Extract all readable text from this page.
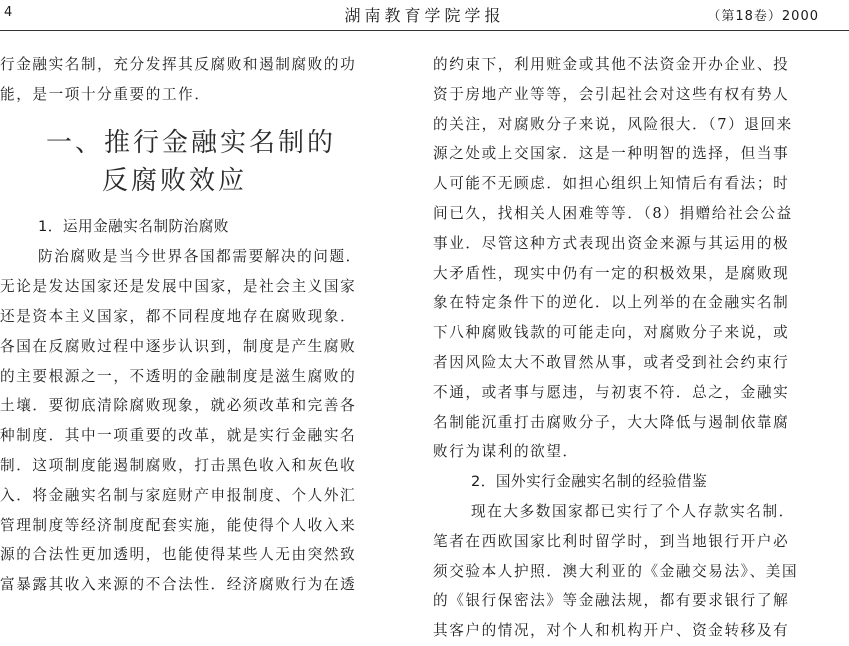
4	湖南教育学院学报	（第18卷）2000
行金融实名制，充分发挥其反腐败和遏制腐败的功
能，是一项十分重要的工作．
一、推行金融实名制的
反腐败效应
1．运用金融实名制防治腐败
防治腐败是当今世界各国都需要解决的问题．
无论是发达国家还是发展中国家，是社会主义国家
还是资本主义国家，都不同程度地存在腐败现象．
各国在反腐败过程中逐步认识到，制度是产生腐败
的主要根源之一，不透明的金融制度是滋生腐败的
土壤．要彻底清除腐败现象，就必须改革和完善各
种制度．其中一项重要的改革，就是实行金融实名
制．这项制度能遏制腐败，打击黑色收入和灰色收
入．将金融实名制与家庭财产申报制度、个人外汇
管理制度等经济制度配套实施，能使得个人收入来
源的合法性更加透明，也能使得某些人无由突然致
富暴露其收入来源的不合法性．经济腐败行为在透
的约束下，利用赃金或其他不法资金开办企业、投
资于房地产业等等，会引起社会对这些有权有势人
的关注，对腐败分子来说，风险很大．（7）退回来
源之处或上交国家．这是一种明智的选择，但当事
人可能不无顾虑．如担心组织上知情后有看法；时
间已久，找相关人困难等等．（8）捐赠给社会公益
事业．尽管这种方式表现出资金来源与其运用的极
大矛盾性，现实中仍有一定的积极效果，是腐败现
象在特定条件下的逆化．以上列举的在金融实名制
下八种腐败钱款的可能走向，对腐败分子来说，或
者因风险太大不敢冒然从事，或者受到社会约束行
不通，或者事与愿违，与初衷不符．总之，金融实
名制能沉重打击腐败分子，大大降低与遏制依靠腐
败行为谋利的欲望．
2．国外实行金融实名制的经验借鉴
现在大多数国家都已实行了个人存款实名制．
笔者在西欧国家比利时留学时，到当地银行开户必
须交验本人护照．澳大利亚的《金融交易法》、美国
的《银行保密法》等金融法规，都有要求银行了解
其客户的情况，对个人和机构开户、资金转移及有
